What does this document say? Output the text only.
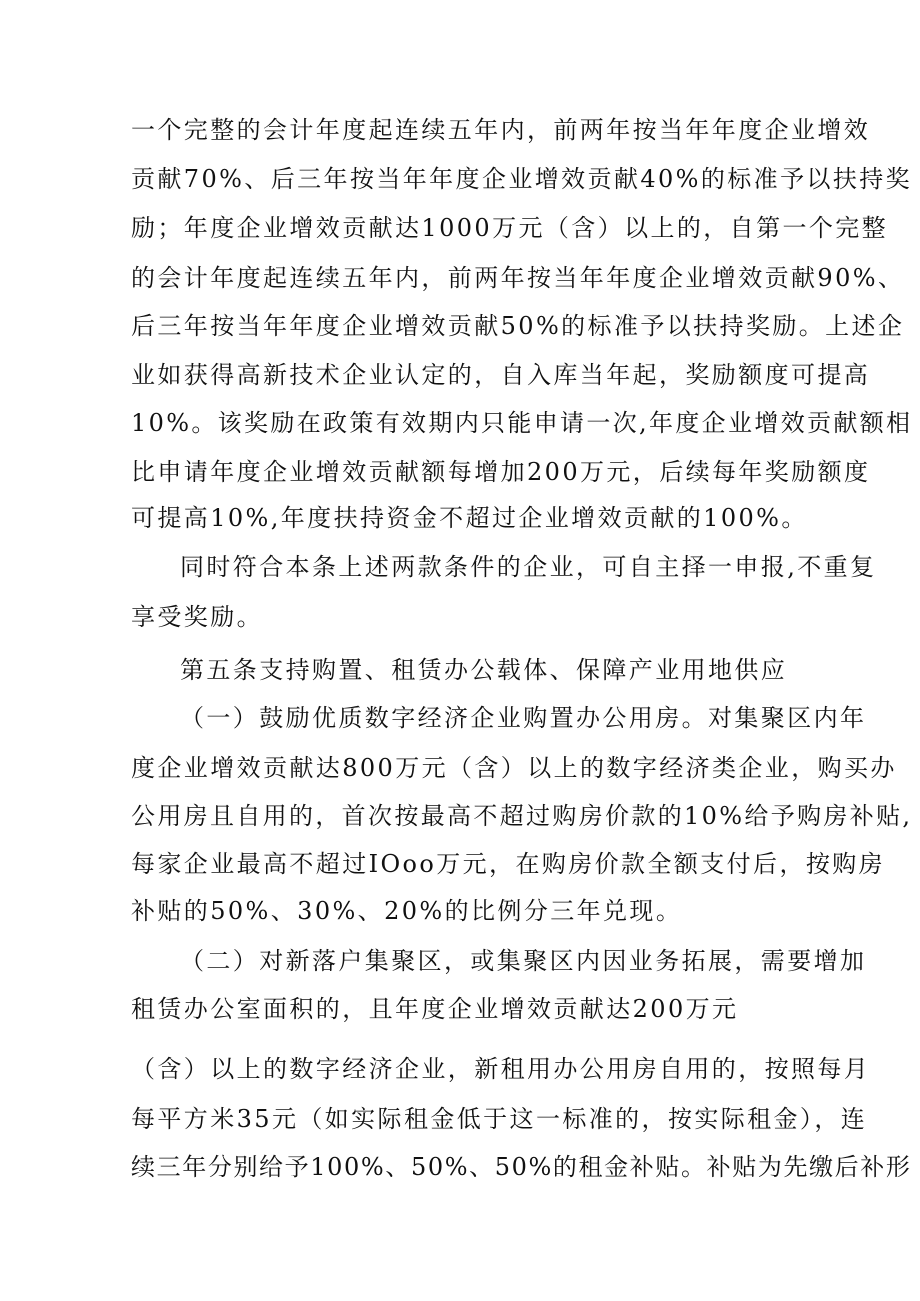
一个完整的会计年度起连续五年内，前两年按当年年度企业增效
贡献70%、后三年按当年年度企业增效贡献40%的标准予以扶持奖
励；年度企业增效贡献达1000万元（含）以上的，自第一个完整
的会计年度起连续五年内，前两年按当年年度企业增效贡献90%、
后三年按当年年度企业增效贡献50%的标准予以扶持奖励。上述企
业如获得高新技术企业认定的，自入库当年起，奖励额度可提高
10%。该奖励在政策有效期内只能申请一次,年度企业增效贡献额相
比申请年度企业增效贡献额每增加200万元，后续每年奖励额度
可提高10%,年度扶持资金不超过企业增效贡献的100%。
同时符合本条上述两款条件的企业，可自主择一申报,不重复
享受奖励。
第五条支持购置、租赁办公载体、保障产业用地供应
（一）鼓励优质数字经济企业购置办公用房。对集聚区内年
度企业增效贡献达800万元（含）以上的数字经济类企业，购买办
公用房且自用的，首次按最高不超过购房价款的10%给予购房补贴,
每家企业最高不超过IOoo万元，在购房价款全额支付后，按购房
补贴的50%、30%、20%的比例分三年兑现。
（二）对新落户集聚区，或集聚区内因业务拓展，需要增加
租赁办公室面积的，且年度企业增效贡献达200万元
（含）以上的数字经济企业，新租用办公用房自用的，按照每月
每平方米35元（如实际租金低于这一标准的，按实际租金），连
续三年分别给予100%、50%、50%的租金补贴。补贴为先缴后补形
